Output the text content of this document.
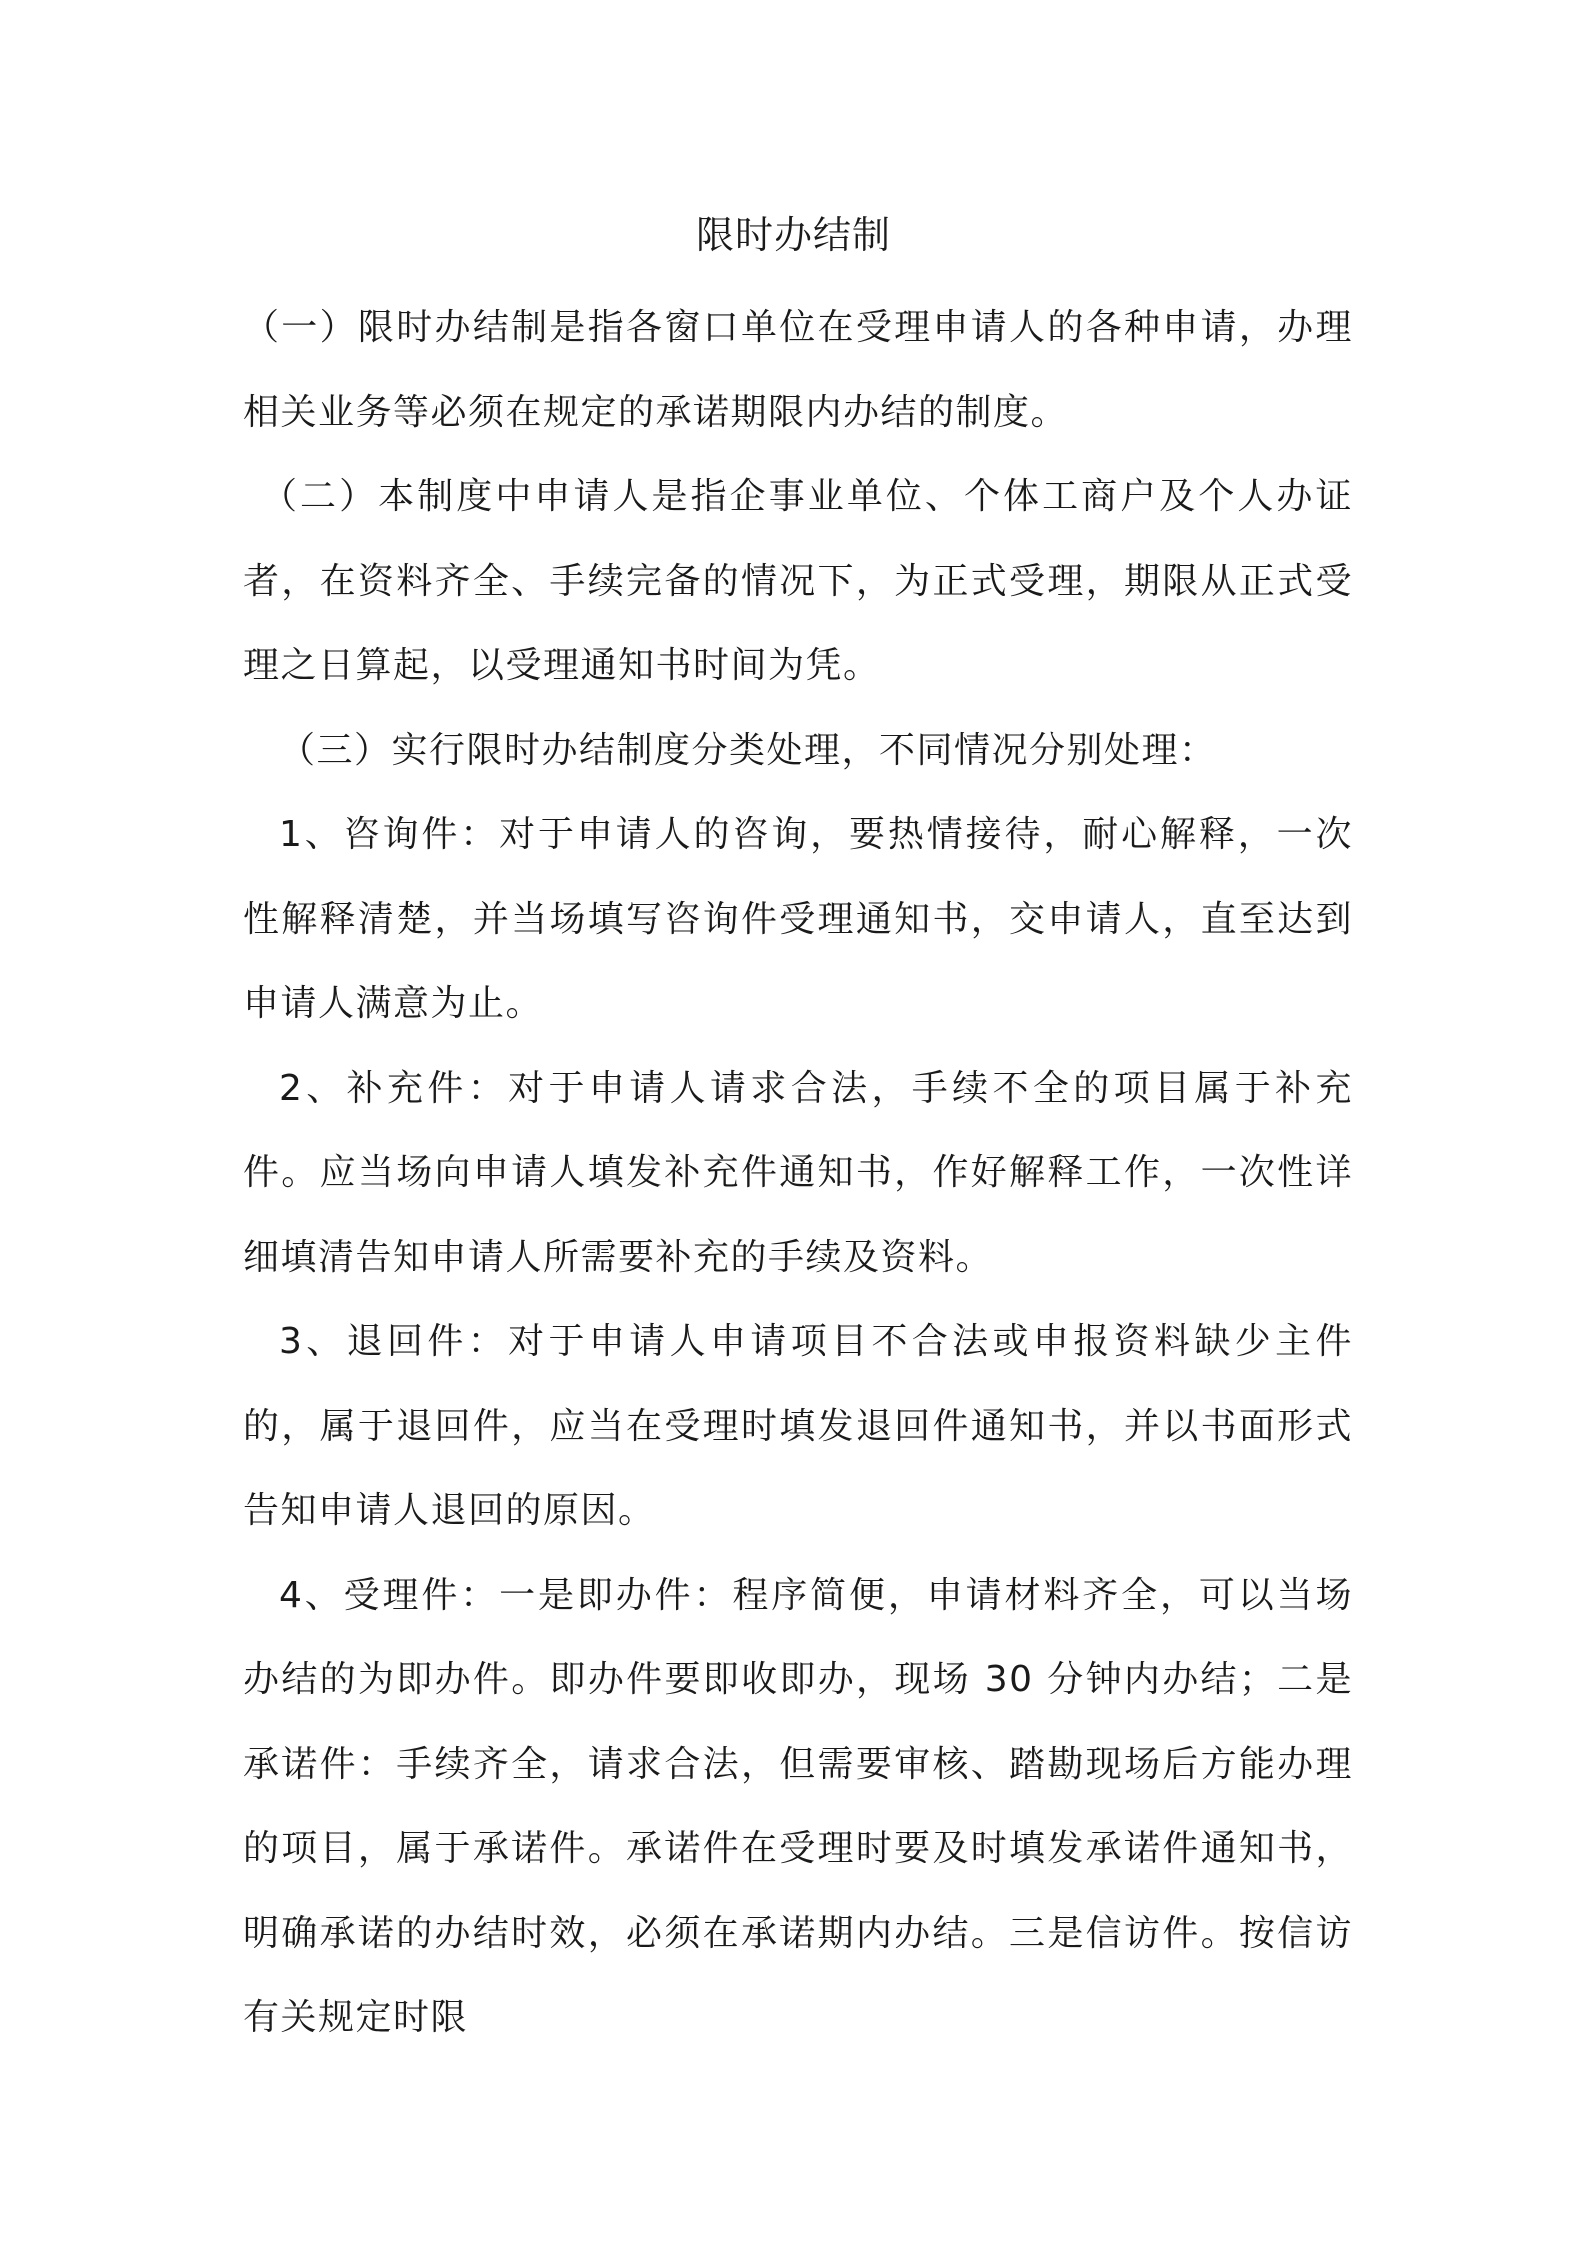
限时办结制

（一）限时办结制是指各窗口单位在受理申请人的各种申请，办理相关业务等必须在规定的承诺期限内办结的制度。

（二）本制度中申请人是指企事业单位、个体工商户及个人办证者，在资料齐全、手续完备的情况下，为正式受理，期限从正式受理之日算起，以受理通知书时间为凭。

（三）实行限时办结制度分类处理，不同情况分别处理：

1、咨询件：对于申请人的咨询，要热情接待，耐心解释，一次性解释清楚，并当场填写咨询件受理通知书，交申请人，直至达到申请人满意为止。

2、补充件：对于申请人请求合法，手续不全的项目属于补充件。应当场向申请人填发补充件通知书，作好解释工作，一次性详细填清告知申请人所需要补充的手续及资料。

3、退回件：对于申请人申请项目不合法或申报资料缺少主件的，属于退回件，应当在受理时填发退回件通知书，并以书面形式告知申请人退回的原因。

4、受理件：一是即办件：程序简便，申请材料齐全，可以当场办结的为即办件。即办件要即收即办，现场 30 分钟内办结；二是承诺件：手续齐全，请求合法，但需要审核、踏勘现场后方能办理的项目，属于承诺件。承诺件在受理时要及时填发承诺件通知书，明确承诺的办结时效，必须在承诺期内办结。三是信访件。按信访有关规定时限
